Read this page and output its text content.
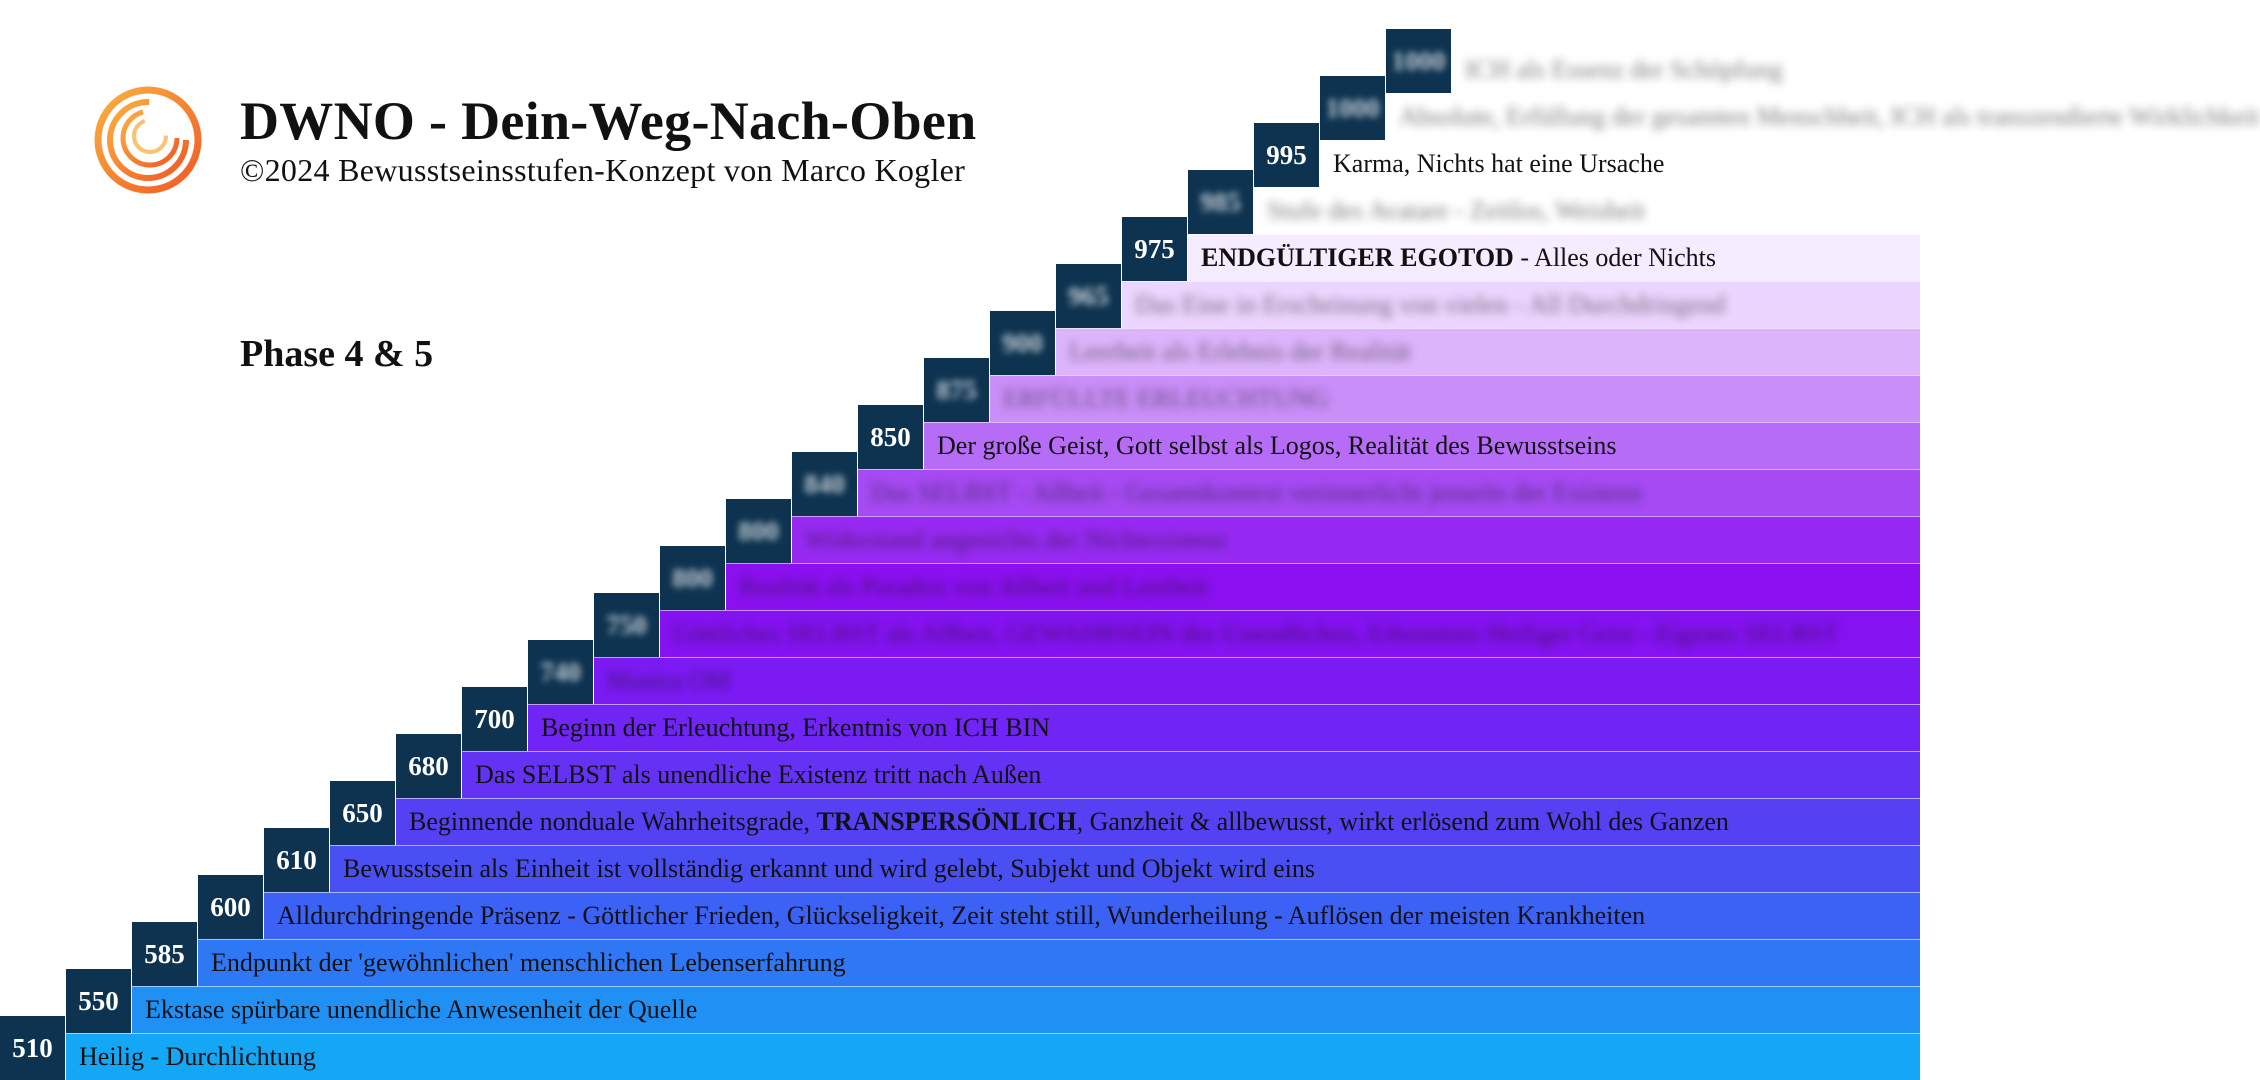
DWNO - Dein-Weg-Nach-Oben
©2024 Bewusstseinsstufen-Konzept von Marco Kogler
Phase 4 & 5
1000 ICH als Essenz der Schöpfung
1000 Absolute, Erfüllung der gesamten Menschheit, ICH als transzendierte Wirklichkeit
995	Karma, Nichts hat eine Ursache
985	Stufe des Avatare - Zeitlos, Weisheit
975	ENDGÜLTIGER EGOTOD - Alles oder Nichts
965	Das Eine in Erscheinung von vielen - All Durchdringend
900	Leerheit als Erlebnis der Realität
875	ERFÜLLTE ERLEUCHTUNG
850	Der große Geist, Gott selbst als Logos, Realität des Bewusstseins
840	Das SELBST - Allheit - Gesamtkontext verinnerlicht jenseits der Existenz
800	Widerstand angesichts der Nichtexistenz
800	Realität als Paradox von Allheit und Leerheit
750	Göttliches SELBST als Allheit, GEWAHRSEIN des Unendlichen, Erkenntnis Heiliger Geist - Eigenes SELBST
740	Mantra OM
700	Beginn der Erleuchtung, Erkentnis von ICH BIN
680	Das SELBST als unendliche Existenz tritt nach Außen
650	Beginnende nonduale Wahrheitsgrade, TRANSPERSÖNLICH, Ganzheit & allbewusst, wirkt erlösend zum Wohl des Ganzen
610	Bewusstsein als Einheit ist vollständig erkannt und wird gelebt, Subjekt und Objekt wird eins
600	Alldurchdringende Präsenz - Göttlicher Frieden, Glückseligkeit, Zeit steht still, Wunderheilung - Auflösen der meisten Krankheiten
585	Endpunkt der 'gewöhnlichen' menschlichen Lebenserfahrung
550	Ekstase spürbare unendliche Anwesenheit der Quelle
510	Heilig - Durchlichtung
